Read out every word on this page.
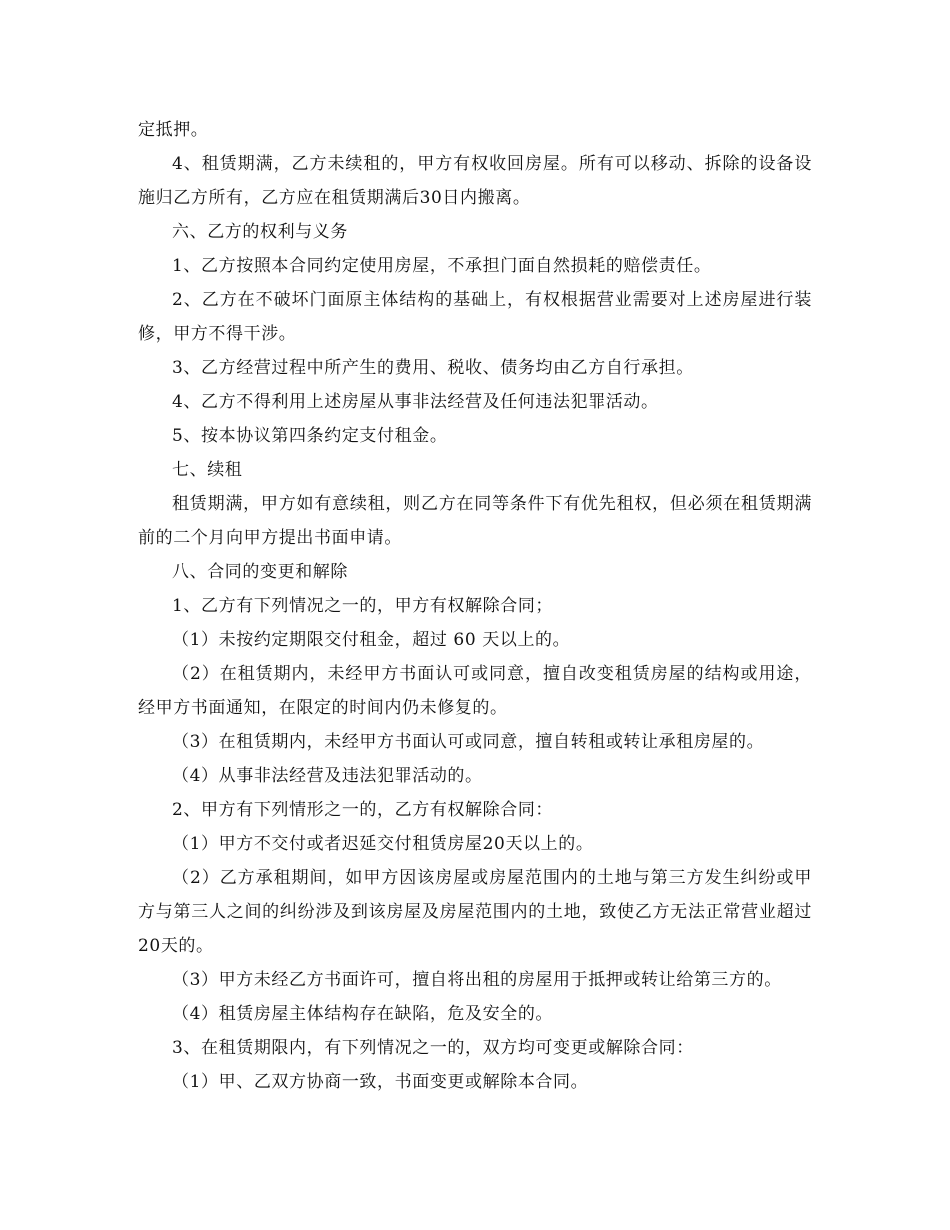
定抵押。

4、租赁期满，乙方未续租的，甲方有权收回房屋。所有可以移动、拆除的设备设施归乙方所有，乙方应在租赁期满后30日内搬离。

六、乙方的权利与义务

1、乙方按照本合同约定使用房屋，不承担门面自然损耗的赔偿责任。

2、乙方在不破坏门面原主体结构的基础上，有权根据营业需要对上述房屋进行装修，甲方不得干涉。

3、乙方经营过程中所产生的费用、税收、债务均由乙方自行承担。

4、乙方不得利用上述房屋从事非法经营及任何违法犯罪活动。

5、按本协议第四条约定支付租金。

七、续租

租赁期满，甲方如有意续租，则乙方在同等条件下有优先租权，但必须在租赁期满前的二个月向甲方提出书面申请。

八、合同的变更和解除

1、乙方有下列情况之一的，甲方有权解除合同；

（1）未按约定期限交付租金，超过 60 天以上的。

（2）在租赁期内，未经甲方书面认可或同意，擅自改变租赁房屋的结构或用途，经甲方书面通知，在限定的时间内仍未修复的。

（3）在租赁期内，未经甲方书面认可或同意，擅自转租或转让承租房屋的。

（4）从事非法经营及违法犯罪活动的。

2、甲方有下列情形之一的，乙方有权解除合同：

（1）甲方不交付或者迟延交付租赁房屋20天以上的。

（2）乙方承租期间，如甲方因该房屋或房屋范围内的土地与第三方发生纠纷或甲方与第三人之间的纠纷涉及到该房屋及房屋范围内的土地，致使乙方无法正常营业超过20天的。

（3）甲方未经乙方书面许可，擅自将出租的房屋用于抵押或转让给第三方的。

（4）租赁房屋主体结构存在缺陷，危及安全的。

3、在租赁期限内，有下列情况之一的，双方均可变更或解除合同：

（1）甲、乙双方协商一致，书面变更或解除本合同。
